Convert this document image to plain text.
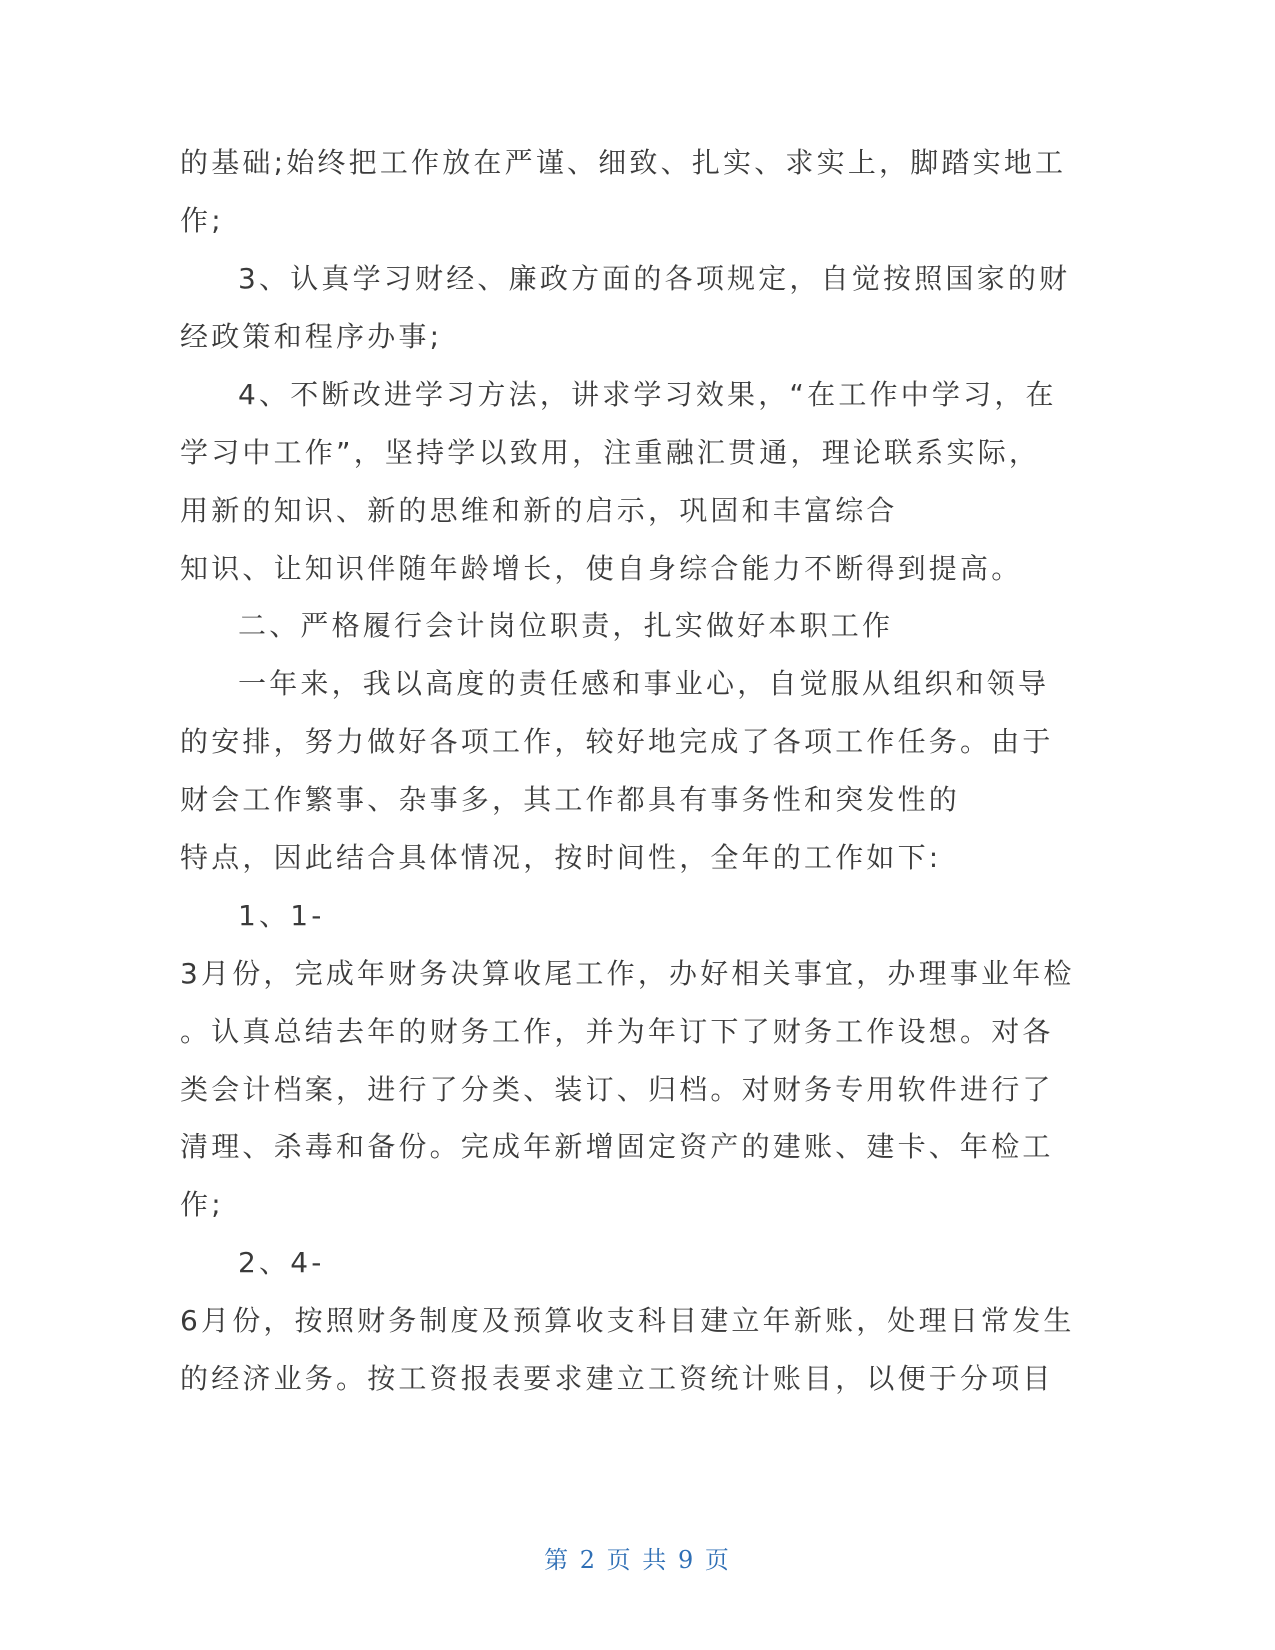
的基础;始终把工作放在严谨、细致、扎实、求实上，脚踏实地工
作;
3、认真学习财经、廉政方面的各项规定，自觉按照国家的财
经政策和程序办事;
4、不断改进学习方法，讲求学习效果，“在工作中学习，在
学习中工作”，坚持学以致用，注重融汇贯通，理论联系实际，
用新的知识、新的思维和新的启示，巩固和丰富综合
知识、让知识伴随年龄增长，使自身综合能力不断得到提高。
二、严格履行会计岗位职责，扎实做好本职工作
一年来，我以高度的责任感和事业心，自觉服从组织和领导
的安排，努力做好各项工作，较好地完成了各项工作任务。由于
财会工作繁事、杂事多，其工作都具有事务性和突发性的
特点，因此结合具体情况，按时间性，全年的工作如下:
1、1-
3月份，完成年财务决算收尾工作，办好相关事宜，办理事业年检
。认真总结去年的财务工作，并为年订下了财务工作设想。对各
类会计档案，进行了分类、装订、归档。对财务专用软件进行了
清理、杀毒和备份。完成年新增固定资产的建账、建卡、年检工
作;
2、4-
6月份，按照财务制度及预算收支科目建立年新账，处理日常发生
的经济业务。按工资报表要求建立工资统计账目，以便于分项目
第 2 页 共 9 页
